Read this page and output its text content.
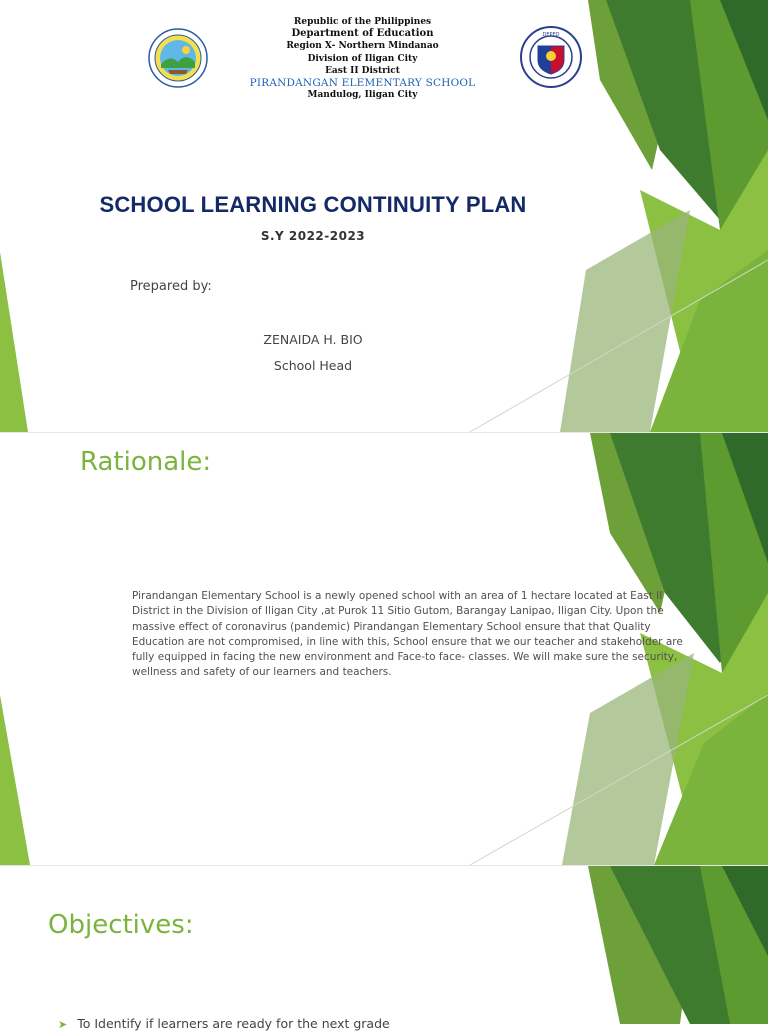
DEPED
Republic of the Philippines
Department of Education
Region X- Northern Mindanao
Division of Iligan City
East II District
PIRANDANGAN ELEMENTARY SCHOOL
Mandulog, Iligan City
SCHOOL LEARNING CONTINUITY PLAN
S.Y 2022-2023
Prepared by:
ZENAIDA H. BIO
School Head
Rationale:
Pirandangan Elementary School is a newly opened school with an area of 1 hectare located at East II District in the Division of Iligan City ,at Purok 11 Sitio Gutom, Barangay Lanipao, Iligan City. Upon the massive effect of coronavirus (pandemic) Pirandangan Elementary School ensure that that Quality Education are not compromised, in line with this, School ensure that we our teacher and stakeholder are fully equipped in facing the new environment and Face-to face- classes. We will make sure the security, wellness and safety of our learners and teachers.
Objectives:
➤ To Identify if learners are ready for the next grade
